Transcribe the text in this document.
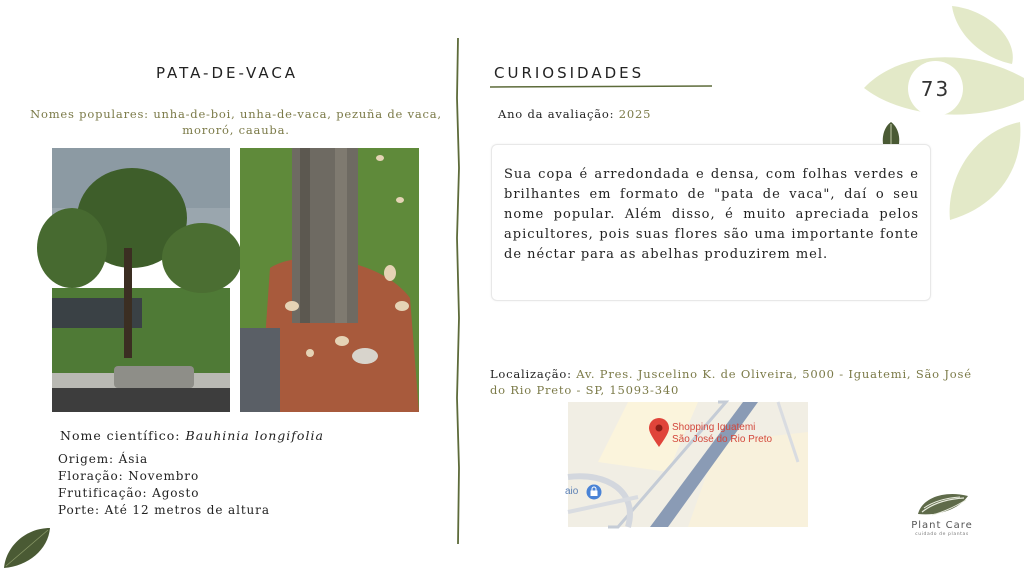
73
PATA-DE-VACA
Nomes populares: unha-de-boi, unha-de-vaca, pezuña de vaca, mororó, caauba.
Nome científico: Bauhinia longifolia
Origem: Ásia
Floração: Novembro
Frutificação: Agosto
Porte: Até 12 metros de altura
CURIOSIDADES
Ano da avaliação: 2025

Sua copa é arredondada e densa, com folhas verdes e brilhantes em formato de "pata de vaca", daí o seu nome popular. Além disso, é muito apreciada pelos apicultores, pois suas flores são uma importante fonte de néctar para as abelhas produzirem mel.

Localização: Av. Pres. Juscelino K. de Oliveira, 5000 - Iguatemi, São José do Rio Preto - SP, 15093-340
Shopping Iguatemi
São José do Rio Preto
aio
Plant Care
cuidado de plantas
